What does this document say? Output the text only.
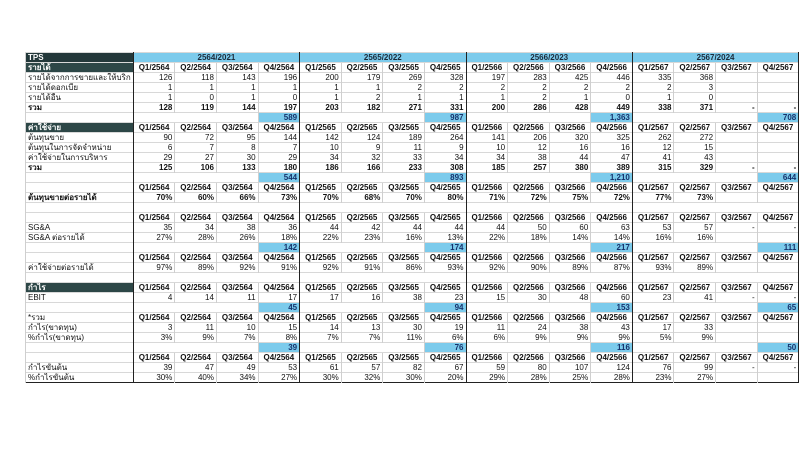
TPS	2564/2021				2565/2022				2566/2023				2567/2024			
รายได้	Q1/2564	Q2/2564	Q3/2564	Q4/2564	Q1/2565	Q2/2565	Q3/2565	Q4/2565	Q1/2566	Q2/2566	Q3/2566	Q4/2566	Q1/2567	Q2/2567	Q3/2567	Q4/2567
รายได้จากการขายและให้บริก	126	118	143	196	200	179	269	328	197	283	425	446	335	368		
รายได้ดอกเบี้ย	1	1	1	1	1	1	2	2	2	2	2	2	2	3		
รายได้อื่น	1	0	1	0	1	2	1	1	1	2	1	0	1	0		
รวม	128	119	144	197	203	182	271	331	200	286	428	449	338	371	-	-
				589				987				1,363				708
ค่าใช้จ่าย	Q1/2564	Q2/2564	Q3/2564	Q4/2564	Q1/2565	Q2/2565	Q3/2565	Q4/2565	Q1/2566	Q2/2566	Q3/2566	Q4/2566	Q1/2567	Q2/2567	Q3/2567	Q4/2567
ต้นทุนขาย	90	72	95	144	142	124	189	264	141	206	320	325	262	272		
ต้นทุนในการจัดจำหน่าย	6	7	8	7	10	9	11	9	10	12	16	16	12	15		
ค่าใช้จ่ายในการบริหาร	29	27	30	29	34	32	33	34	34	38	44	47	41	43		
รวม	125	106	133	180	186	166	233	308	185	257	380	389	315	329	-	-
				544				893				1,210				644
	Q1/2564	Q2/2564	Q3/2564	Q4/2564	Q1/2565	Q2/2565	Q3/2565	Q4/2565	Q1/2566	Q2/2566	Q3/2566	Q4/2566	Q1/2567	Q2/2567	Q3/2567	Q4/2567
ต้นทุนขายต่อรายได้	70%	60%	66%	73%	70%	68%	70%	80%	71%	72%	75%	72%	77%	73%		

	Q1/2564	Q2/2564	Q3/2564	Q4/2564	Q1/2565	Q2/2565	Q3/2565	Q4/2565	Q1/2566	Q2/2566	Q3/2566	Q4/2566	Q1/2567	Q2/2567	Q3/2567	Q4/2567
SG&A	35	34	38	36	44	42	44	44	44	50	60	63	53	57	-	-
SG&A ต่อรายได้	27%	28%	26%	18%	22%	23%	16%	13%	22%	18%	14%	14%	16%	16%		
				142				174				217				111
	Q1/2564	Q2/2564	Q3/2564	Q4/2564	Q1/2565	Q2/2565	Q3/2565	Q4/2565	Q1/2566	Q2/2566	Q3/2566	Q4/2566	Q1/2567	Q2/2567	Q3/2567	Q4/2567
ค่าใช้จ่ายต่อรายได้	97%	89%	92%	91%	92%	91%	86%	93%	92%	90%	89%	87%	93%	89%		

กำไร	Q1/2564	Q2/2564	Q3/2564	Q4/2564	Q1/2565	Q2/2565	Q3/2565	Q4/2565	Q1/2566	Q2/2566	Q3/2566	Q4/2566	Q1/2567	Q2/2567	Q3/2567	Q4/2567
EBIT	4	14	11	17	17	16	38	23	15	30	48	60	23	41	-	-
				45				94				153				65
*รวม	Q1/2564	Q2/2564	Q3/2564	Q4/2564	Q1/2565	Q2/2565	Q3/2565	Q4/2565	Q1/2566	Q2/2566	Q3/2566	Q4/2566	Q1/2567	Q2/2567	Q3/2567	Q4/2567
กำไร(ขาดทุน)	3	11	10	15	14	13	30	19	11	24	38	43	17	33		
%กำไร(ขาดทุน)	3%	9%	7%	8%	7%	7%	11%	6%	6%	9%	9%	9%	5%	9%		
				39				76				116				50
	Q1/2564	Q2/2564	Q3/2564	Q4/2564	Q1/2565	Q2/2565	Q3/2565	Q4/2565	Q1/2566	Q2/2566	Q3/2566	Q4/2566	Q1/2567	Q2/2567	Q3/2567	Q4/2567
กำไรขั้นต้น	39	47	49	53	61	57	82	67	59	80	107	124	76	99	-	-
%กำไรขั้นต้น	30%	40%	34%	27%	30%	32%	30%	20%	29%	28%	25%	28%	23%	27%		
